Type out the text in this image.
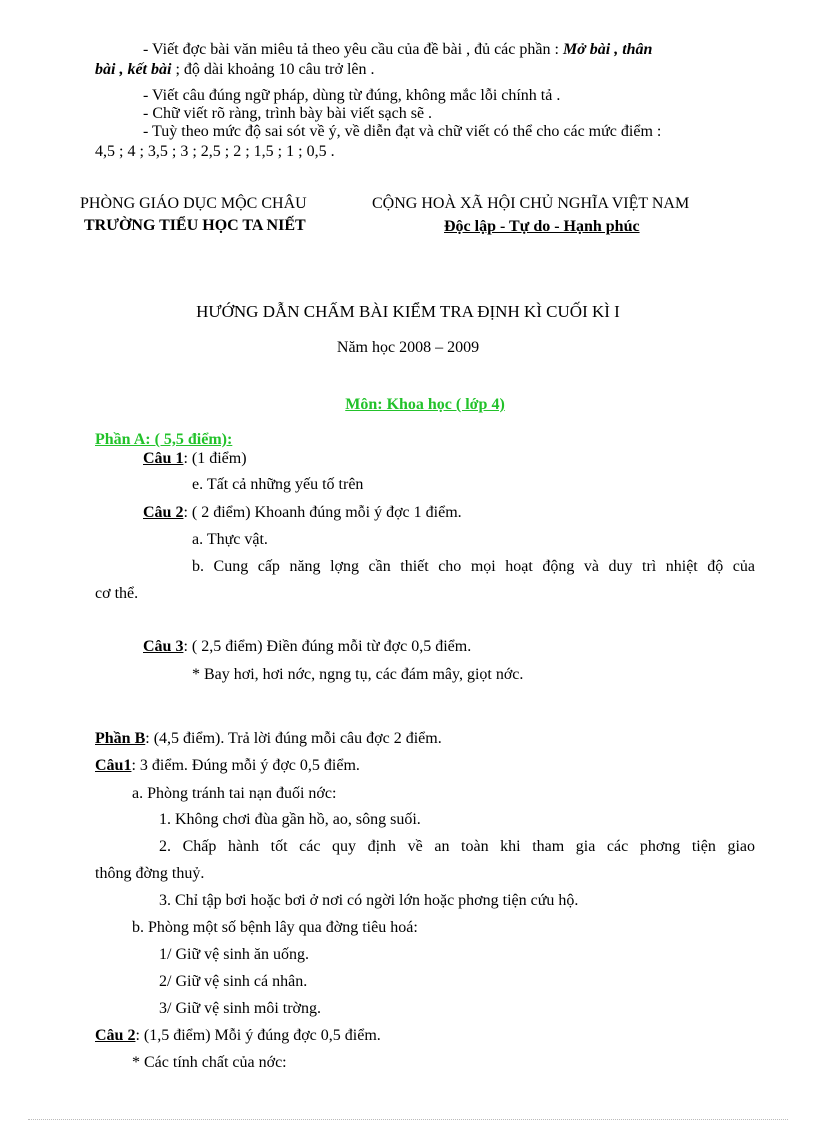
- Viết đợc bài văn miêu tả theo yêu cầu của đề bài , đủ các phần : Mở bài , thân
bài , kết bài ; độ dài khoảng 10 câu trở lên .
- Viết câu đúng ngữ pháp, dùng từ đúng, không mắc lỗi chính tả .
- Chữ viết rõ ràng, trình bày bài viết sạch sẽ .
- Tuỳ theo mức độ sai sót về ý, về diễn đạt và chữ viết có thể cho các mức điểm :
4,5 ; 4 ; 3,5 ; 3 ; 2,5 ; 2 ; 1,5 ; 1 ; 0,5 .
PHÒNG GIÁO DỤC MỘC CHÂU
TRƯỜNG TIỂU HỌC TA NIẾT
CỘNG HOÀ XÃ HỘI CHỦ NGHĨA VIỆT NAM
Độc lập - Tự do - Hạnh phúc
HƯỚNG DẪN CHẤM BÀI KIỂM TRA ĐỊNH KÌ CUỐI KÌ I
Năm học 2008 – 2009
Môn: Khoa học ( lớp 4)
Phần A: ( 5,5 điểm):
Câu 1: (1 điểm)
e. Tất cả những yếu tố trên
Câu 2: ( 2 điểm) Khoanh đúng mỗi ý đợc 1 điểm.
a. Thực vật.
b. Cung cấp năng lợng cần thiết cho mọi hoạt động và duy trì nhiệt độ của
cơ thể.
Câu 3: ( 2,5 điểm) Điền đúng mỗi từ đợc 0,5 điểm.
* Bay hơi, hơi nớc, ngng tụ, các đám mây, giọt nớc.
Phần B: (4,5 điểm). Trả lời đúng mỗi câu đợc 2 điểm.
Câu1: 3 điểm. Đúng mỗi ý đợc 0,5 điểm.
a. Phòng tránh tai nạn đuối nớc:
1. Không chơi đùa gần hồ, ao, sông suối.
2. Chấp hành tốt các quy định về an toàn khi tham gia các phơng tiện giao
thông đờng thuỷ.
3. Chỉ tập bơi hoặc bơi ở nơi có ngời lớn hoặc phơng tiện cứu hộ.
b. Phòng một số bệnh lây qua đờng tiêu hoá:
1/ Giữ vệ sinh ăn uống.
2/ Giữ vệ sinh cá nhân.
3/ Giữ vệ sinh môi trờng.
Câu 2: (1,5 điểm) Mỗi ý đúng đợc 0,5 điểm.
* Các tính chất của nớc:
